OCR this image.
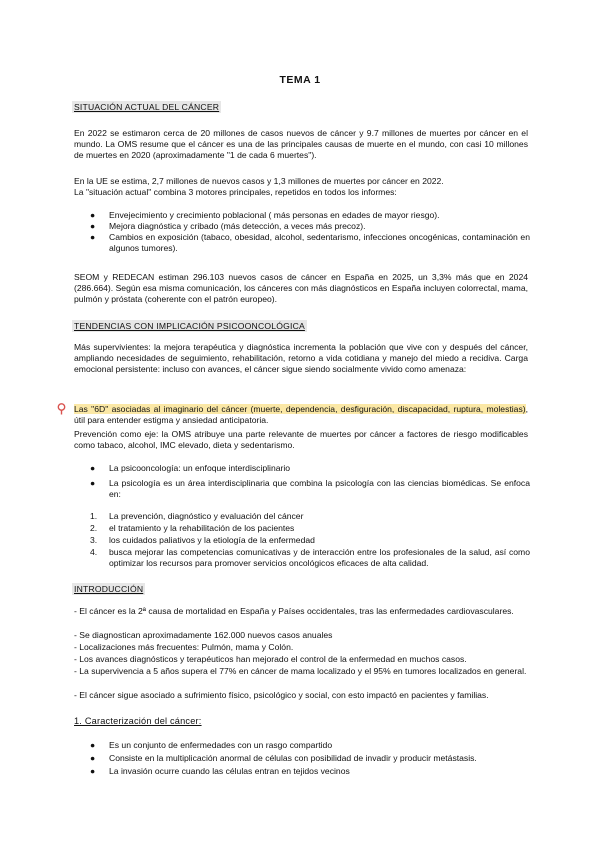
TEMA 1
SITUACIÓN ACTUAL DEL CÁNCER
En 2022 se estimaron cerca de 20 millones de casos nuevos de cáncer y 9.7 millones de muertes por cáncer en el mundo. La OMS resume que el cáncer es una de las principales causas de muerte en el mundo, con casi 10 millones de muertes en 2020 (aproximadamente "1 de cada 6 muertes").
En la UE se estima, 2,7 millones de nuevos casos y 1,3 millones de muertes por cáncer en 2022.
La "situación actual" combina 3 motores principales, repetidos en todos los informes:
● Envejecimiento y crecimiento poblacional ( más personas en edades de mayor riesgo).
● Mejora diagnóstica y cribado (más detección, a veces más precoz).
● Cambios en exposición (tabaco, obesidad, alcohol, sedentarismo, infecciones oncogénicas, contaminación en algunos tumores).
SEOM y REDECAN estiman 296.103 nuevos casos de cáncer en España en 2025, un 3,3% más que en 2024 (286.664). Según esa misma comunicación, los cánceres con más diagnósticos en España incluyen colorrectal, mama, pulmón y próstata (coherente con el patrón europeo).
TENDENCIAS CON IMPLICACIÓN PSICOONCOLÓGICA
Más supervivientes: la mejora terapéutica y diagnóstica incrementa la población que vive con y después del cáncer, ampliando necesidades de seguimiento, rehabilitación, retorno a vida cotidiana y manejo del miedo a recidiva. Carga emocional persistente: incluso con avances, el cáncer sigue siendo socialmente vivido como amenaza:
Las "6D" asociadas al imaginario del cáncer (muerte, dependencia, desfiguración, discapacidad, ruptura, molestias), útil para entender estigma y ansiedad anticipatoria.
Prevención como eje: la OMS atribuye una parte relevante de muertes por cáncer a factores de riesgo modificables como tabaco, alcohol, IMC elevado, dieta y sedentarismo.
● La psicooncología: un enfoque interdisciplinario
● La psicología es un área interdisciplinaria que combina la psicología con las ciencias biomédicas. Se enfoca en:
1. La prevención, diagnóstico y evaluación del cáncer
2. el tratamiento y la rehabilitación de los pacientes
3. los cuidados paliativos y la etiología de la enfermedad
4. busca mejorar las competencias comunicativas y de interacción entre los profesionales de la salud, así como optimizar los recursos para promover servicios oncológicos eficaces de alta calidad.
INTRODUCCIÓN
- El cáncer es la 2ª causa de mortalidad en España y Países occidentales, tras las enfermedades cardiovasculares.
- Se diagnostican aproximadamente 162.000 nuevos casos anuales
- Localizaciones más frecuentes: Pulmón, mama y Colón.
- Los avances diagnósticos y terapéuticos han mejorado el control de la enfermedad en muchos casos.
- La supervivencia a 5 años supera el 77% en cáncer de mama localizado y el 95% en tumores localizados en general.
- El cáncer sigue asociado a sufrimiento físico, psicológico y social, con esto impactó en pacientes y familias.
1. Caracterización del cáncer:
● Es un conjunto de enfermedades con un rasgo compartido
● Consiste en la multiplicación anormal de células con posibilidad de invadir y producir metástasis.
● La invasión ocurre cuando las células entran en tejidos vecinos
